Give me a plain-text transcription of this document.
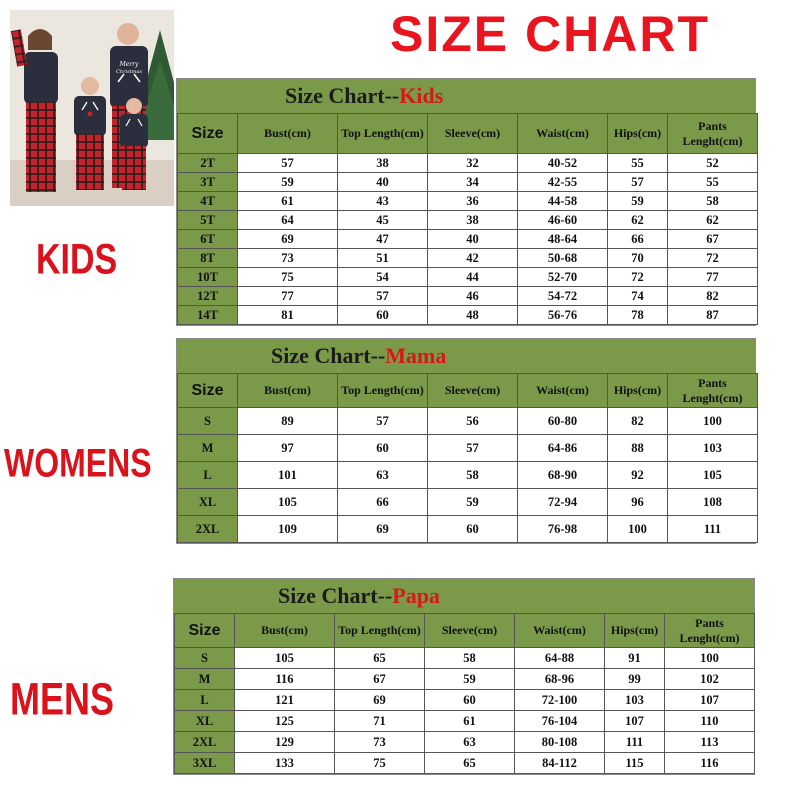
SIZE CHART
Merry
Christmas
KIDS
WOMENS
MENS
Size Chart--Kids
Size	Bust(cm)	Top Length(cm)	Sleeve(cm)	Waist(cm)	Hips(cm)	Pants Lenght(cm)
2T	57	38	32	40-52	55	52
3T	59	40	34	42-55	57	55
4T	61	43	36	44-58	59	58
5T	64	45	38	46-60	62	62
6T	69	47	40	48-64	66	67
8T	73	51	42	50-68	70	72
10T	75	54	44	52-70	72	77
12T	77	57	46	54-72	74	82
14T	81	60	48	56-76	78	87
Size Chart--Mama
Size	Bust(cm)	Top Length(cm)	Sleeve(cm)	Waist(cm)	Hips(cm)	Pants Lenght(cm)
S	89	57	56	60-80	82	100
M	97	60	57	64-86	88	103
L	101	63	58	68-90	92	105
XL	105	66	59	72-94	96	108
2XL	109	69	60	76-98	100	111
Size Chart--Papa
Size	Bust(cm)	Top Length(cm)	Sleeve(cm)	Waist(cm)	Hips(cm)	Pants Lenght(cm)
S	105	65	58	64-88	91	100
M	116	67	59	68-96	99	102
L	121	69	60	72-100	103	107
XL	125	71	61	76-104	107	110
2XL	129	73	63	80-108	111	113
3XL	133	75	65	84-112	115	116
